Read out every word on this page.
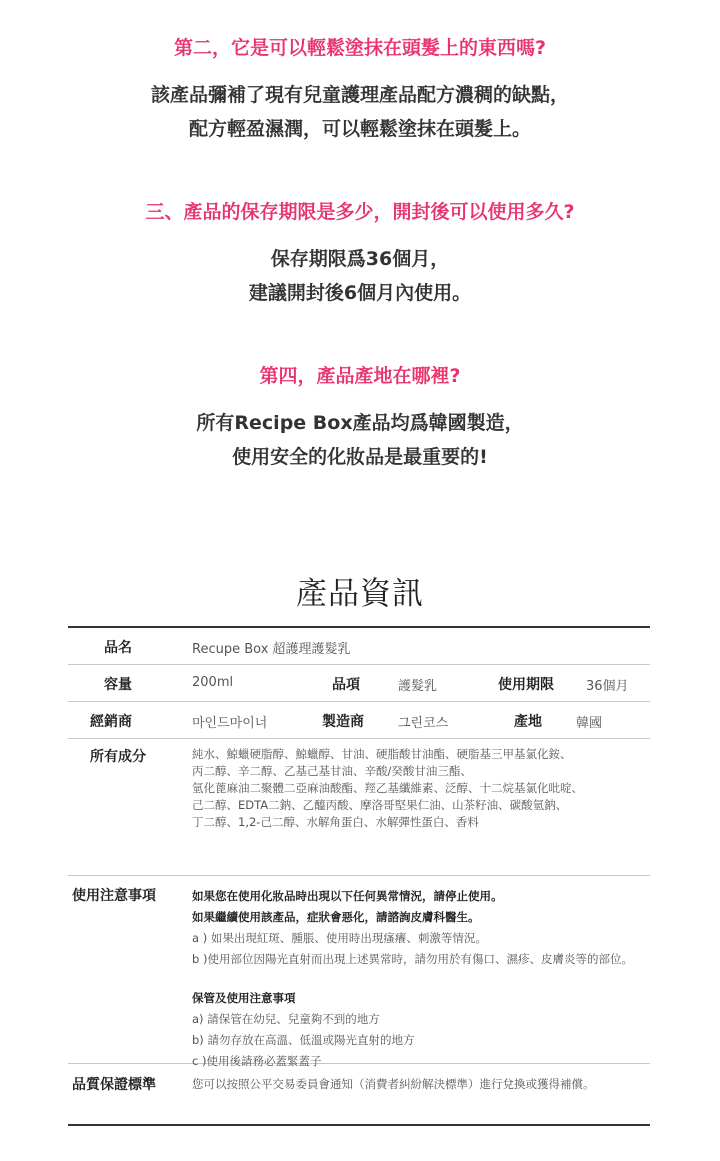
第二，它是可以輕鬆塗抹在頭髮上的東西嗎?
該產品彌補了現有兒童護理產品配方濃稠的缺點，
配方輕盈濕潤，可以輕鬆塗抹在頭髮上。
三、產品的保存期限是多少，開封後可以使用多久?
保存期限爲36個月，
建議開封後6個月內使用。
第四，產品產地在哪裡?
所有Recipe Box產品均爲韓國製造，
使用安全的化妝品是最重要的!
產品資訊
品名	Recupe Box 超護理護髮乳
容量	200ml	品項	護髮乳	使用期限 36個月
經銷商	마인드마이너	製造商	그린코스	產地	韓國
所有成分	純水、鯨蠟硬脂醇、鯨蠟醇、甘油、硬脂酸甘油酯、硬脂基三甲基氯化銨、
丙二醇、辛二醇、乙基己基甘油、辛酸/癸酸甘油三酯、
氫化蓖麻油二聚體二亞麻油酸酯、羥乙基纖維素、泛醇、十二烷基氯化吡啶、
己二醇、EDTA二鈉、乙醯丙酸、摩洛哥堅果仁油、山茶籽油、碳酸氫鈉、
丁二醇、1,2-己二醇、水解角蛋白、水解彈性蛋白、香料
使用注意事項	如果您在使用化妝品時出現以下任何異常情況，請停止使用。
如果繼續使用該產品，症狀會惡化，請諮詢皮膚科醫生。
a ) 如果出現紅斑、腫脹、使用時出現瘙癢、刺激等情況。
b )使用部位因陽光直射而出現上述異常時，請勿用於有傷口、濕疹、皮膚炎等的部位。
保管及使用注意事項
a) 請保管在幼兒、兒童夠不到的地方
b) 請勿存放在高溫、低溫或陽光直射的地方
c )使用後請務必蓋緊蓋子
品質保證標準	您可以按照公平交易委員會通知（消費者糾紛解決標準）進行兌換或獲得補償。
